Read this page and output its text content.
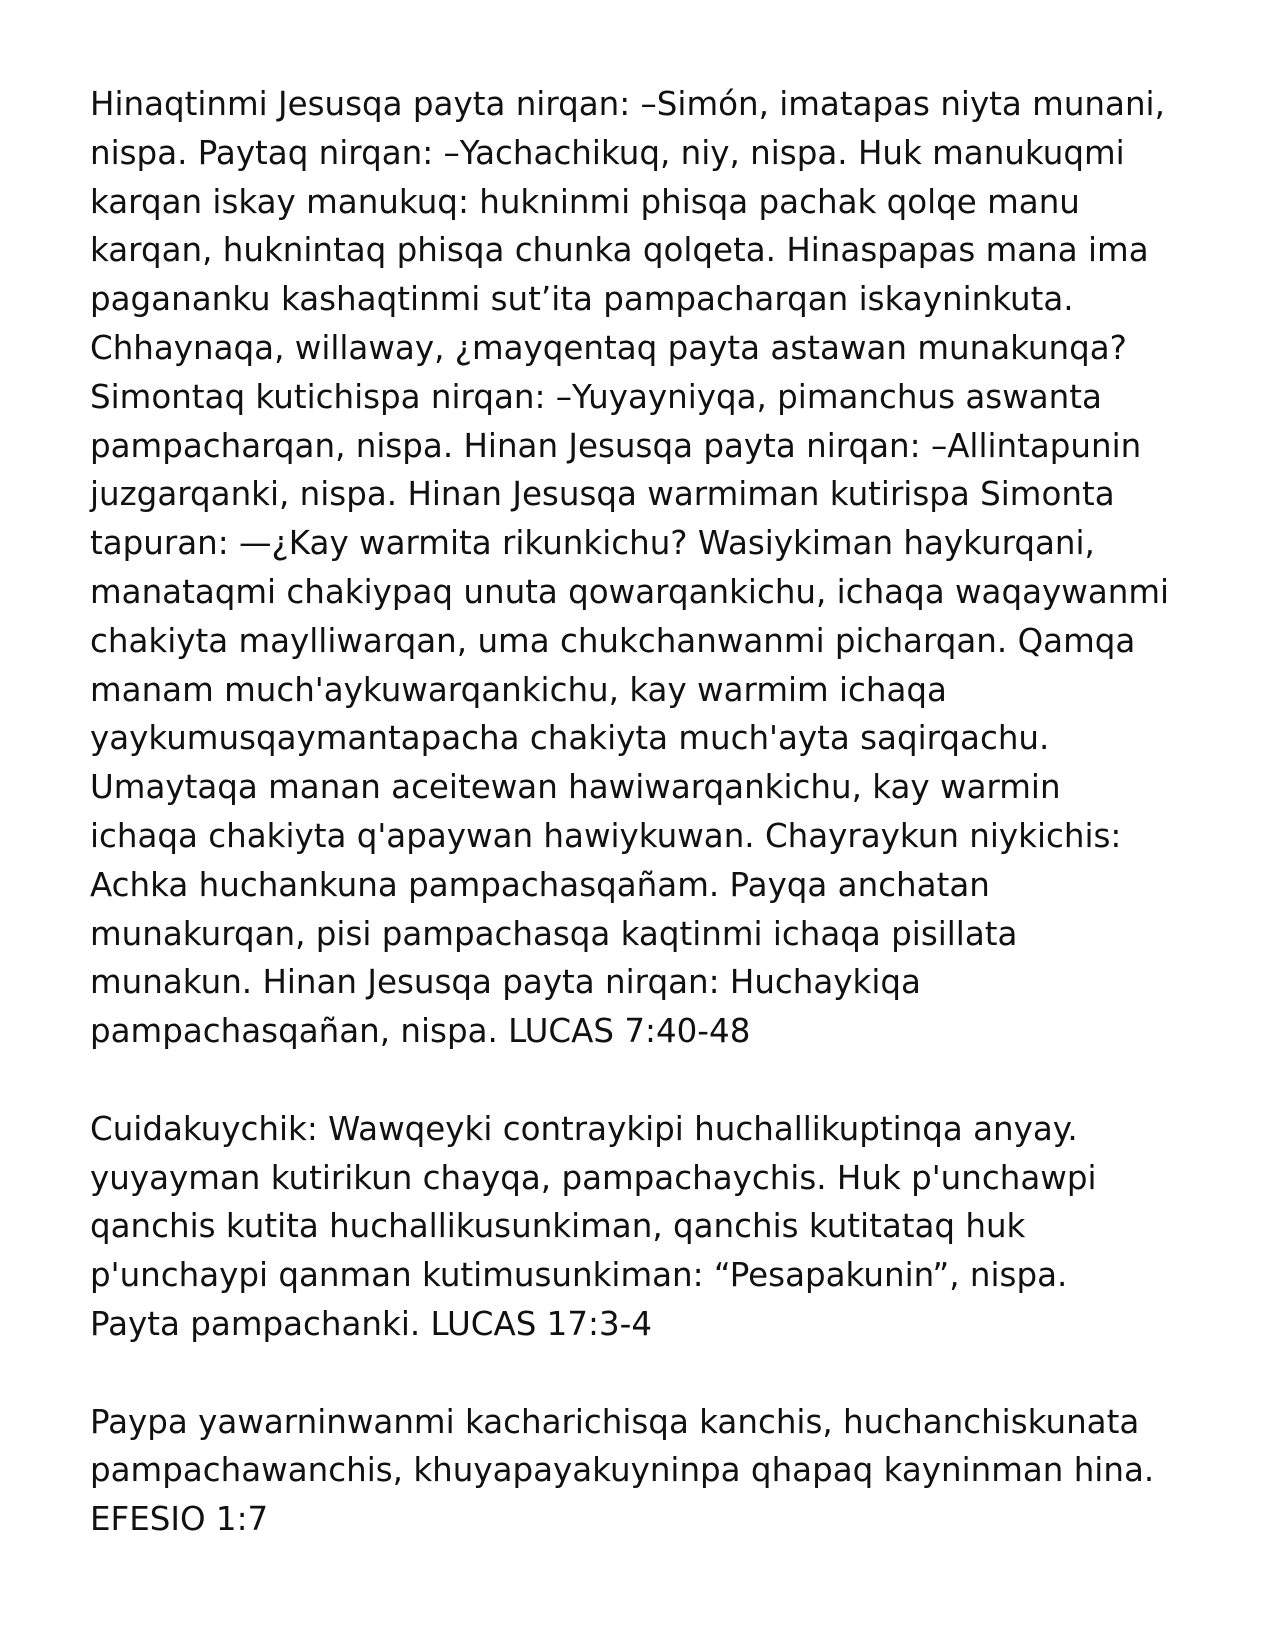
Hinaqtinmi Jesusqa payta nirqan: –Simón, imatapas niyta munani,
nispa. Paytaq nirqan: –Yachachikuq, niy, nispa. Huk manukuqmi
karqan iskay manukuq: hukninmi phisqa pachak qolqe manu
karqan, huknintaq phisqa chunka qolqeta. Hinaspapas mana ima
pagananku kashaqtinmi sut’ita pampacharqan iskayninkuta.
Chhaynaqa, willaway, ¿mayqentaq payta astawan munakunqa?
Simontaq kutichispa nirqan: –Yuyayniyqa, pimanchus aswanta
pampacharqan, nispa. Hinan Jesusqa payta nirqan: –Allintapunin
juzgarqanki, nispa. Hinan Jesusqa warmiman kutirispa Simonta
tapuran: —¿Kay warmita rikunkichu? Wasiykiman haykurqani,
manataqmi chakiypaq unuta qowarqankichu, ichaqa waqaywanmi
chakiyta maylliwarqan, uma chukchanwanmi picharqan. Qamqa
manam much'aykuwarqankichu, kay warmim ichaqa
yaykumusqaymantapacha chakiyta much'ayta saqirqachu.
Umaytaqa manan aceitewan hawiwarqankichu, kay warmin
ichaqa chakiyta q'apaywan hawiykuwan. Chayraykun niykichis:
Achka huchankuna pampachasqañam. Payqa anchatan
munakurqan, pisi pampachasqa kaqtinmi ichaqa pisillata
munakun. Hinan Jesusqa payta nirqan: Huchaykiqa
pampachasqañan, nispa. LUCAS 7:40-48
Cuidakuychik: Wawqeyki contraykipi huchallikuptinqa anyay.
yuyayman kutirikun chayqa, pampachaychis. Huk p'unchawpi
qanchis kutita huchallikusunkiman, qanchis kutitataq huk
p'unchaypi qanman kutimusunkiman: “Pesapakunin”, nispa.
Payta pampachanki. LUCAS 17:3-4
Paypa yawarninwanmi kacharichisqa kanchis, huchanchiskunata
pampachawanchis, khuyapayakuyninpa qhapaq kayninman hina.
EFESIO 1:7
